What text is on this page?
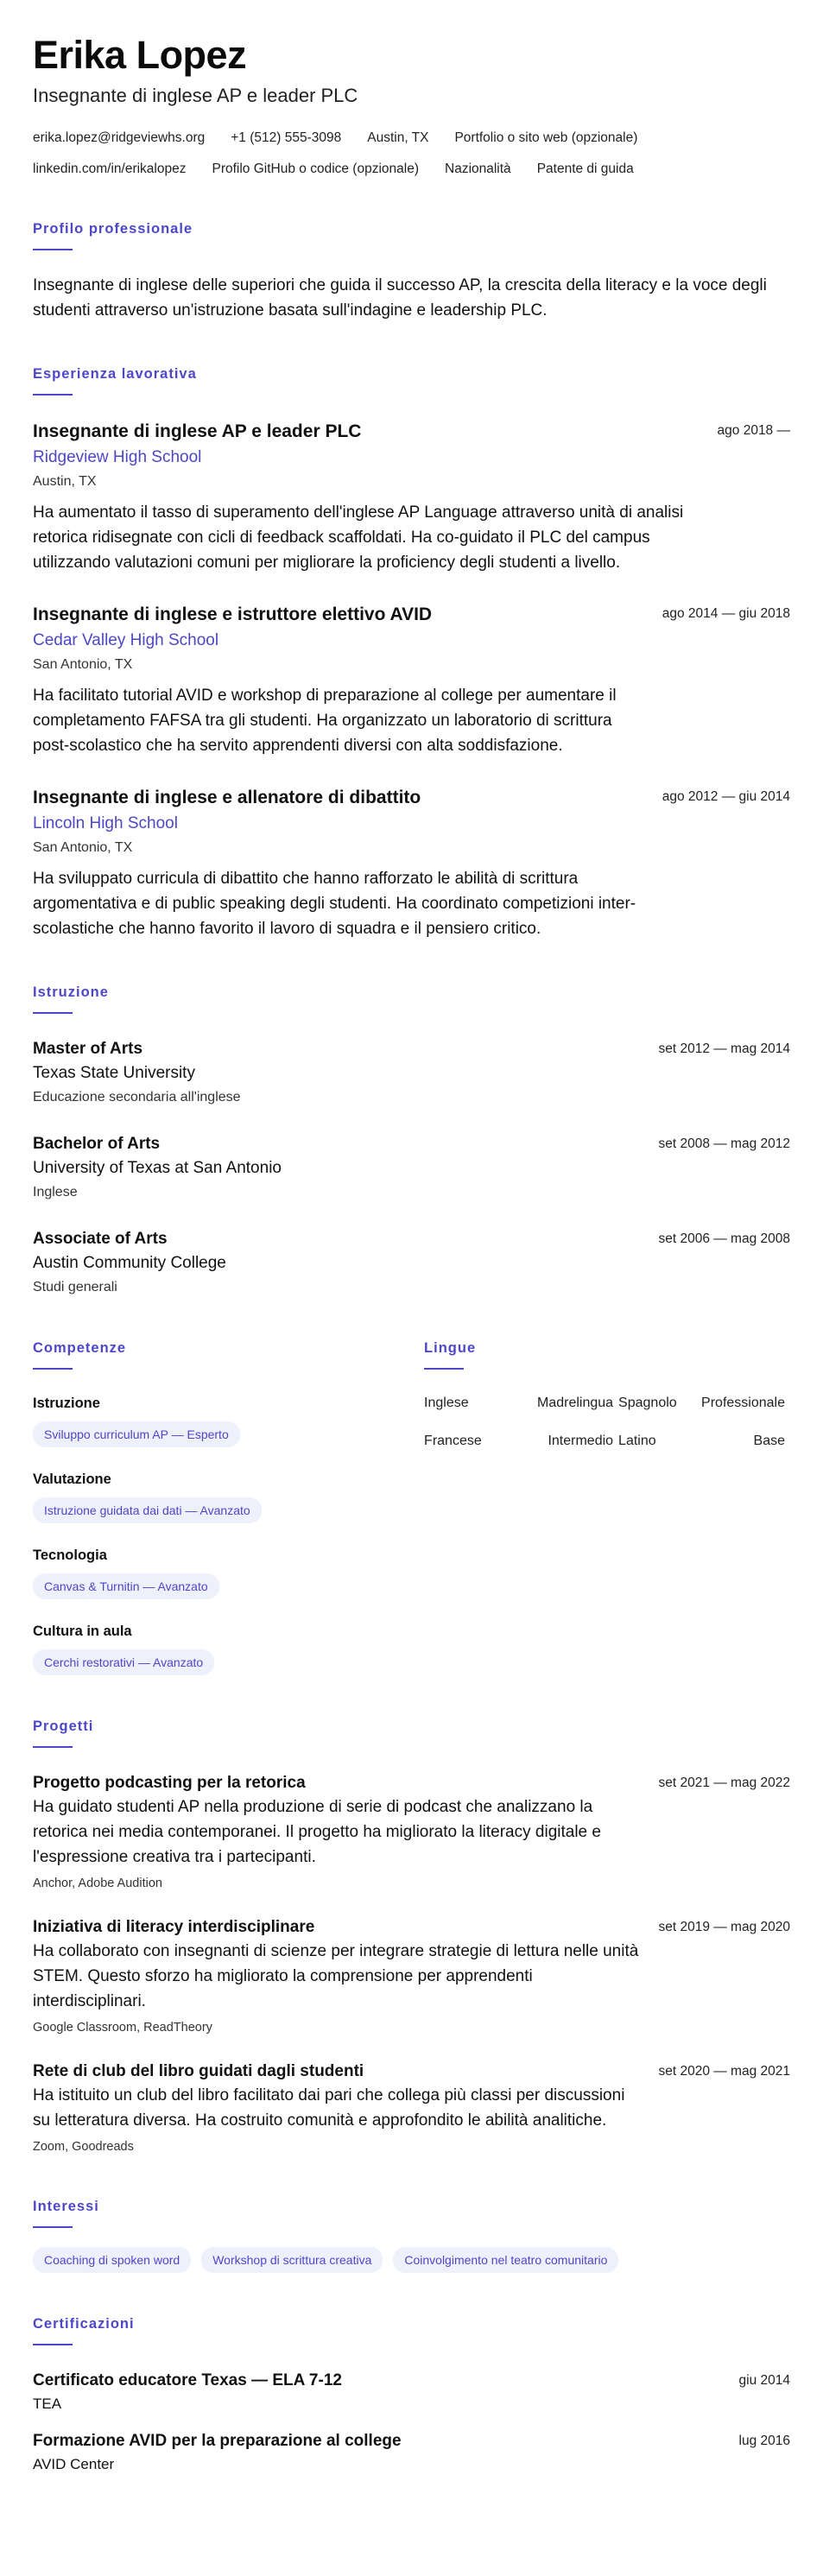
Erika Lopez
Insegnante di inglese AP e leader PLC
erika.lopez@ridgeviewhs.org +1 (512) 555-3098 Austin, TX Portfolio o sito web (opzionale)
linkedin.com/in/erikalopez Profilo GitHub o codice (opzionale) Nazionalità Patente di guida
Profilo professionale
Insegnante di inglese delle superiori che guida il successo AP, la crescita della literacy e la voce degli studenti attraverso un'istruzione basata sull'indagine e leadership PLC.
Esperienza lavorativa
Insegnante di inglese AP e leader PLC
Ridgeview High School
Austin, TX
Ha aumentato il tasso di superamento dell'inglese AP Language attraverso unità di analisi retorica ridisegnate con cicli di feedback scaffoldati. Ha co-guidato il PLC del campus utilizzando valutazioni comuni per migliorare la proficiency degli studenti a livello.
ago 2018 —
Insegnante di inglese e istruttore elettivo AVID
Cedar Valley High School
San Antonio, TX
Ha facilitato tutorial AVID e workshop di preparazione al college per aumentare il completamento FAFSA tra gli studenti. Ha organizzato un laboratorio di scrittura post-scolastico che ha servito apprendenti diversi con alta soddisfazione.
ago 2014 — giu 2018
Insegnante di inglese e allenatore di dibattito
Lincoln High School
San Antonio, TX
Ha sviluppato curricula di dibattito che hanno rafforzato le abilità di scrittura argomentativa e di public speaking degli studenti. Ha coordinato competizioni inter-scolastiche che hanno favorito il lavoro di squadra e il pensiero critico.
ago 2012 — giu 2014
Istruzione
Master of Arts
Texas State University
Educazione secondaria all'inglese
set 2012 — mag 2014
Bachelor of Arts
University of Texas at San Antonio
Inglese
set 2008 — mag 2012
Associate of Arts
Austin Community College
Studi generali
set 2006 — mag 2008
Competenze
Istruzione
Sviluppo curriculum AP — Esperto
Valutazione
Istruzione guidata dai dati — Avanzato
Tecnologia
Canvas & Turnitin — Avanzato
Cultura in aula
Cerchi restorativi — Avanzato
Lingue
Inglese	Madrelingua Spagnolo	Professionale
Francese	Intermedio Latino	Base
Progetti
Progetto podcasting per la retorica
Ha guidato studenti AP nella produzione di serie di podcast che analizzano la retorica nei media contemporanei. Il progetto ha migliorato la literacy digitale e l'espressione creativa tra i partecipanti.
Anchor, Adobe Audition
set 2021 — mag 2022
Iniziativa di literacy interdisciplinare
Ha collaborato con insegnanti di scienze per integrare strategie di lettura nelle unità STEM. Questo sforzo ha migliorato la comprensione per apprendenti interdisciplinari.
Google Classroom, ReadTheory
set 2019 — mag 2020
Rete di club del libro guidati dagli studenti
Ha istituito un club del libro facilitato dai pari che collega più classi per discussioni su letteratura diversa. Ha costruito comunità e approfondito le abilità analitiche.
Zoom, Goodreads
set 2020 — mag 2021
Interessi
Coaching di spoken word	Workshop di scrittura creativa	Coinvolgimento nel teatro comunitario
Certificazioni
Certificato educatore Texas — ELA 7-12
TEA
giu 2014
Formazione AVID per la preparazione al college
AVID Center
lug 2016
